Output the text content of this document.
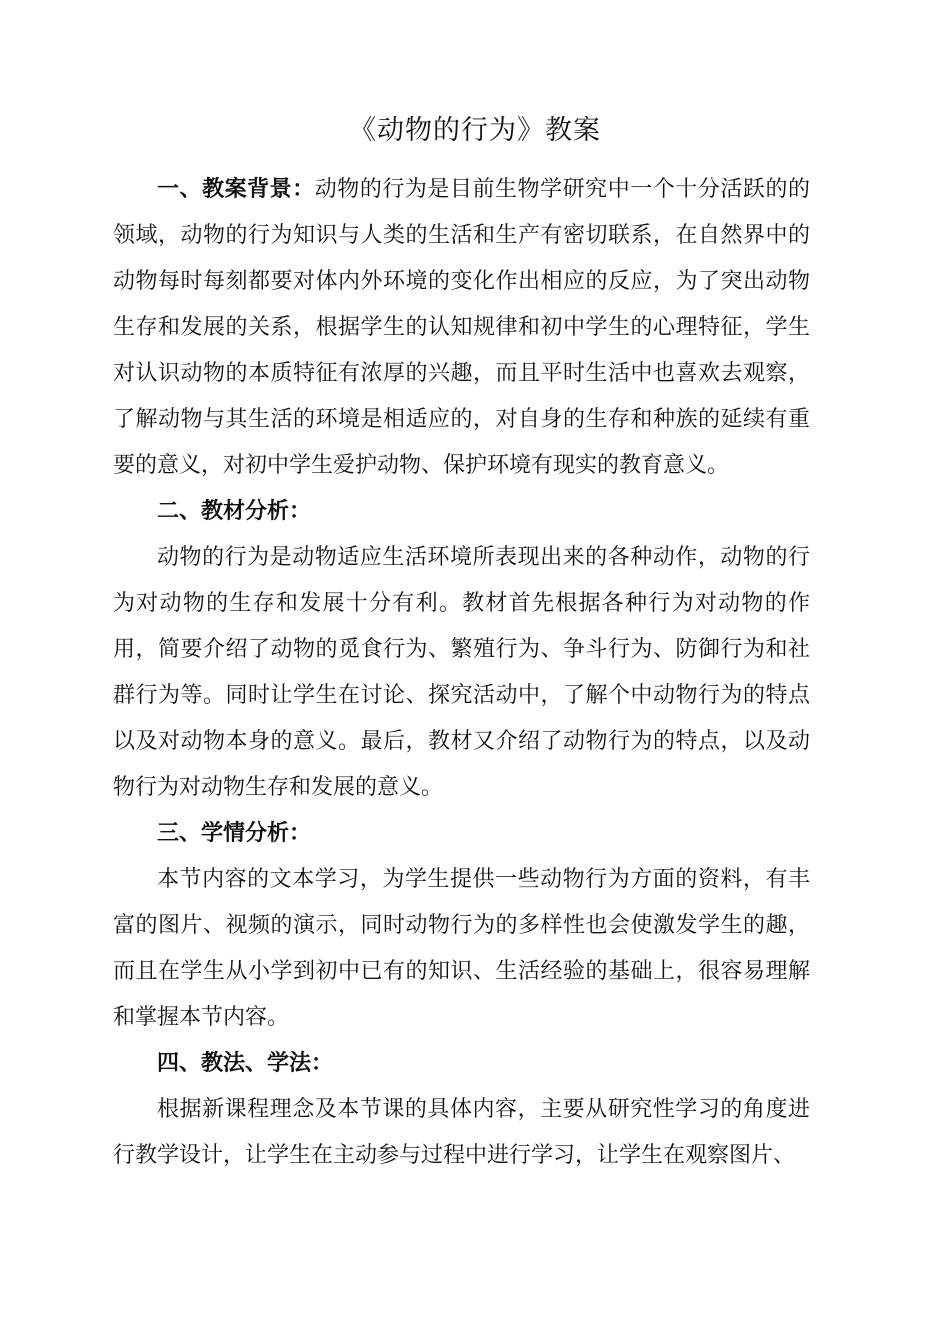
《动物的行为》教案

一、教案背景：动物的行为是目前生物学研究中一个十分活跃的的领域，动物的行为知识与人类的生活和生产有密切联系，在自然界中的动物每时每刻都要对体内外环境的变化作出相应的反应，为了突出动物生存和发展的关系，根据学生的认知规律和初中学生的心理特征，学生对认识动物的本质特征有浓厚的兴趣，而且平时生活中也喜欢去观察，了解动物与其生活的环境是相适应的，对自身的生存和种族的延续有重要的意义，对初中学生爱护动物、保护环境有现实的教育意义。

二、教材分析：

动物的行为是动物适应生活环境所表现出来的各种动作，动物的行为对动物的生存和发展十分有利。教材首先根据各种行为对动物的作用，简要介绍了动物的觅食行为、繁殖行为、争斗行为、防御行为和社群行为等。同时让学生在讨论、探究活动中，了解个中动物行为的特点以及对动物本身的意义。最后，教材又介绍了动物行为的特点，以及动物行为对动物生存和发展的意义。

三、学情分析：

本节内容的文本学习，为学生提供一些动物行为方面的资料，有丰富的图片、视频的演示，同时动物行为的多样性也会使激发学生的趣，而且在学生从小学到初中已有的知识、生活经验的基础上，很容易理解和掌握本节内容。

四、教法、学法：

根据新课程理念及本节课的具体内容，主要从研究性学习的角度进行教学设计，让学生在主动参与过程中进行学习，让学生在观察图片、
